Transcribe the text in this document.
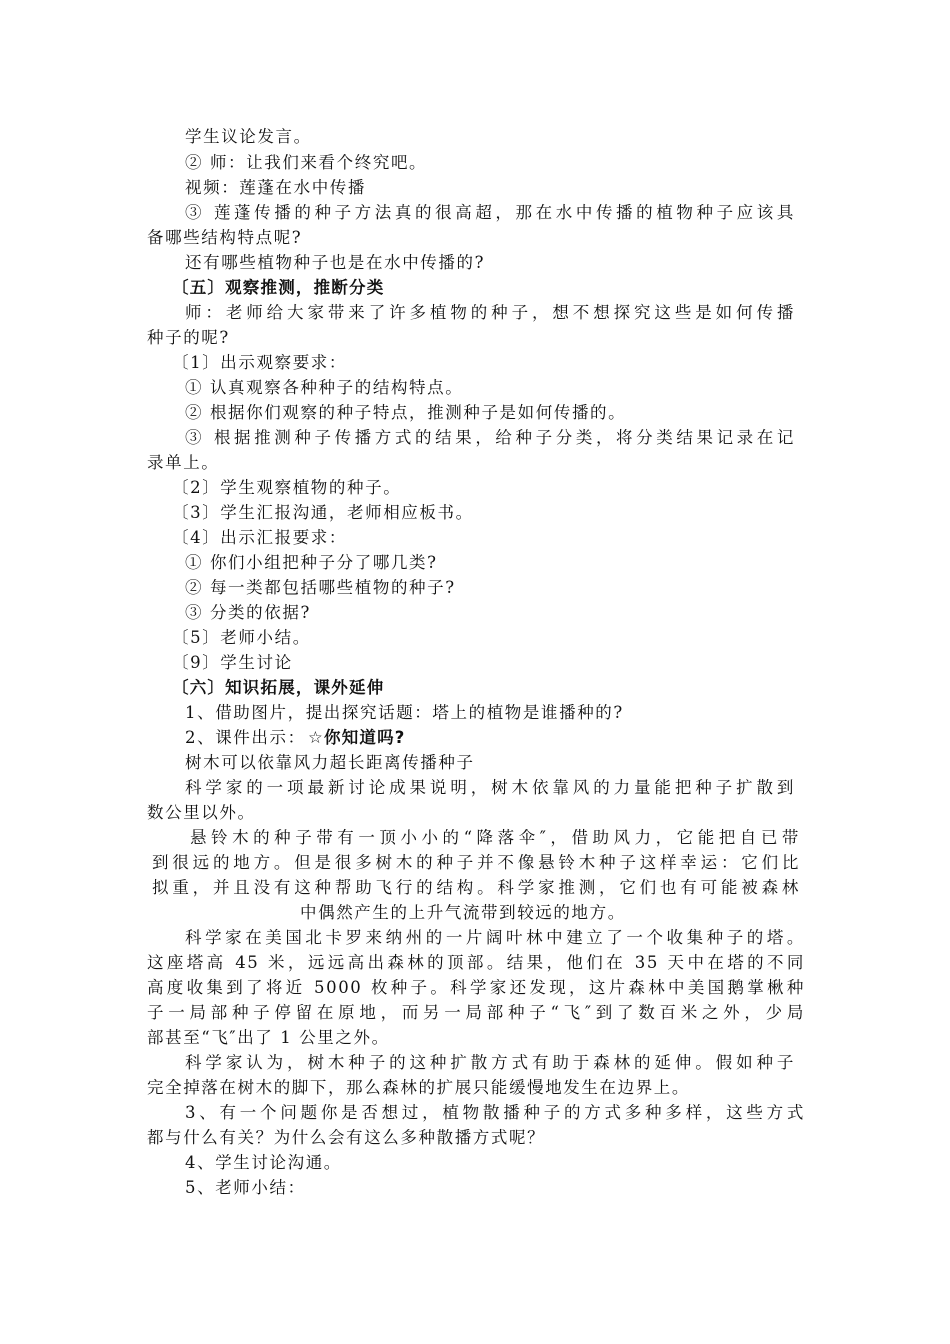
学生议论发言。
② 师：让我们来看个终究吧。
视频：莲蓬在水中传播
③ 莲蓬传播的种子方法真的很高超，那在水中传播的植物种子应该具
备哪些结构特点呢?
还有哪些植物种子也是在水中传播的?
〔五〕观察推测，推断分类
师：老师给大家带来了许多植物的种子，想不想探究这些是如何传播
种子的呢?
〔1〕出示观察要求：
① 认真观察各种种子的结构特点。
② 根据你们观察的种子特点，推测种子是如何传播的。
③ 根据推测种子传播方式的结果，给种子分类，将分类结果记录在记
录单上。
〔2〕学生观察植物的种子。
〔3〕学生汇报沟通，老师相应板书。
〔4〕出示汇报要求：
① 你们小组把种子分了哪几类?
② 每一类都包括哪些植物的种子?
③ 分类的依据?
〔5〕老师小结。
〔9〕学生讨论
〔六〕知识拓展，课外延伸
1、借助图片，提出探究话题：塔上的植物是谁播种的?
2、课件出示： ☆你知道吗?
树木可以依靠风力超长距离传播种子
科学家的一项最新讨论成果说明，树木依靠风的力量能把种子扩散到
数公里以外。
悬铃木的种子带有一顶小小的“降落伞″，借助风力，它能把自已带
到很远的地方。但是很多树木的种子并不像悬铃木种子这样幸运：它们比
拟重，并且没有这种帮助飞行的结构。科学家推测，它们也有可能被森林
中偶然产生的上升气流带到较远的地方。
科学家在美国北卡罗来纳州的一片阔叶林中建立了一个收集种子的塔。
这座塔高 45 米，远远高出森林的顶部。结果，他们在 35 天中在塔的不同
高度收集到了将近 5000 枚种子。科学家还发现，这片森林中美国鹅掌楸种
子一局部种子停留在原地，而另一局部种子“飞″到了数百米之外，少局
部甚至“飞″出了 1 公里之外。
科学家认为，树木种子的这种扩散方式有助于森林的延伸。假如种子
完全掉落在树木的脚下，那么森林的扩展只能缓慢地发生在边界上。
3、有一个问题你是否想过，植物散播种子的方式多种多样，这些方式
都与什么有关？为什么会有这么多种散播方式呢？
4、学生讨论沟通。
5、老师小结：
